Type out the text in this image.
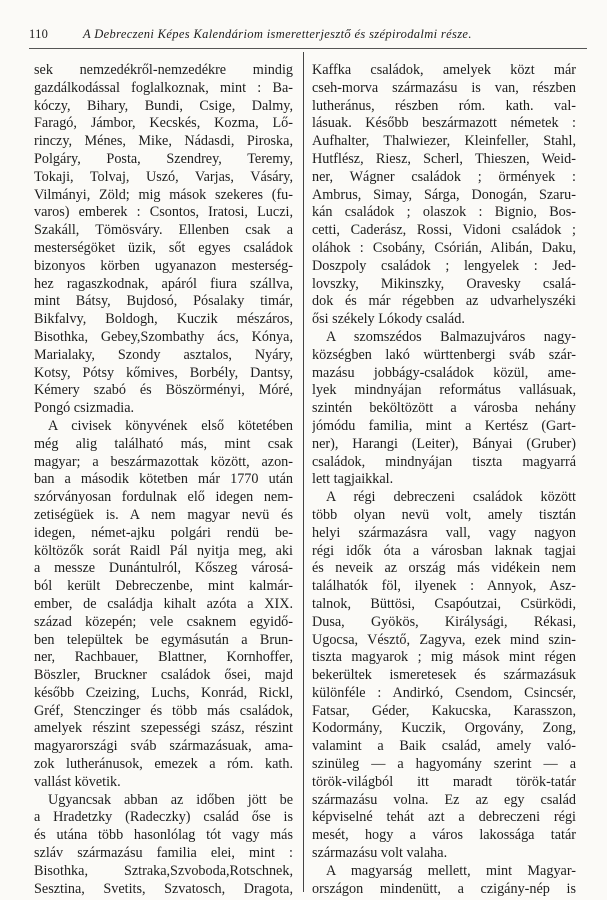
110	A Debreczeni Képes Kalendáriom ismeretterjesztő és szépirodalmi része.
sek nemzedékről-nemzedékre mindig
gazdálkodással foglalkoznak, mint : Ba-
kóczy, Bihary, Bundi, Csige, Dalmy,
Faragó, Jámbor, Kecskés, Kozma, Lő-
rinczy, Ménes, Mike, Nádasdi, Piroska,
Polgáry, Posta, Szendrey, Teremy,
Tokaji, Tolvaj, Uszó, Varjas, Vásáry,
Vilmányi, Zöld; mig mások szekeres (fu-
varos) emberek : Csontos, Iratosi, Luczi,
Szakáll, Tömösváry. Ellenben csak a
mesterségöket üzik, sőt egyes családok
bizonyos körben ugyanazon mesterség-
hez ragaszkodnak, apáról fiura szállva,
mint Bátsy, Bujdosó, Pósalaky timár,
Bikfalvy, Boldogh, Kuczik mészáros,
Bisothka, Gebey,Szombathy ács, Kónya,
Marialaky, Szondy asztalos, Nyáry,
Kotsy, Pótsy kőmives, Borbély, Dantsy,
Kémery szabó és Böszörményi, Móré,
Pongó csizmadia.
A civisek könyvének első kötetében
még alig található más, mint csak
magyar; a beszármazottak között, azon-
ban a második kötetben már 1770 után
szórványosan fordulnak elő idegen nem-
zetiségüek is. A nem magyar nevü és
idegen, német-ajku polgári rendü be-
költözők sorát Raidl Pál nyitja meg, aki
a messze Dunántulról, Kőszeg városá-
ból került Debreczenbe, mint kalmár-
ember, de családja kihalt azóta a XIX.
század közepén; vele csaknem egyidő-
ben települtek be egymásután a Brun-
ner, Rachbauer, Blattner, Kornhoffer,
Böszler, Bruckner családok ősei, majd
később Czeizing, Luchs, Konrád, Rickl,
Gréf, Stenczinger és több más családok,
amelyek részint szepességi szász, részint
magyarországi sváb származásuak, ama-
zok lutheránusok, emezek a róm. kath.
vallást követik.
Ugyancsak abban az időben jött be
a Hradetzky (Radeczky) család őse is
és utána több hasonlólag tót vagy más
szláv származásu familia elei, mint :
Bisothka, Sztraka,Szvoboda,Rotschnek,
Sesztina, Svetits, Szvatosch, Dragota,
Kaffka családok, amelyek közt már
cseh-morva származásu is van, részben
lutheránus, részben róm. kath. val-
lásuak. Később beszármazott németek :
Aufhalter, Thalwiezer, Kleinfeller, Stahl,
Hutflész, Riesz, Scherl, Thieszen, Weid-
ner, Wágner családok ; örmények :
Ambrus, Simay, Sárga, Donogán, Szaru-
kán családok ; olaszok : Bignio, Bos-
cetti, Caderász, Rossi, Vidoni családok ;
oláhok : Csobány, Csórián, Alibán, Daku,
Doszpoly családok ; lengyelek : Jed-
lovszky, Mikinszky, Oravesky csalá-
dok és már régebben az udvarhelyszéki
ősi székely Lókody család.
A szomszédos Balmazujváros nagy-
községben lakó württenbergi sváb szár-
mazásu jobbágy-családok közül, ame-
lyek mindnyájan református vallásuak,
szintén beköltözött a városba nehány
jómódu familia, mint a Kertész (Gart-
ner), Harangi (Leiter), Bányai (Gruber)
családok, mindnyájan tiszta magyarrá
lett tagjaikkal.
A régi debreczeni családok között
több olyan nevü volt, amely tisztán
helyi származásra vall, vagy nagyon
régi idők óta a városban laknak tagjai
és neveik az ország más vidékein nem
találhatók föl, ilyenek : Annyok, Asz-
talnok, Büttösi, Csapóutzai, Csürködi,
Dusa, Gyökös, Királysági, Rékasi,
Ugocsa, Vésztő, Zagyva, ezek mind szin-
tiszta magyarok ; mig mások mint régen
bekerültek ismeretesek és származásuk
különféle : Andirkó, Csendom, Csincsér,
Fatsar, Géder, Kakucska, Karasszon,
Kodormány, Kuczik, Orgovány, Zong,
valamint a Baik család, amely való-
szinüleg — a hagyomány szerint — a
török-világból itt maradt török-tatár
származásu volna. Ez az egy család
képviselné tehát azt a debreczeni régi
mesét, hogy a város lakossága tatár
származásu volt valaha.
A magyarság mellett, mint Magyar-
országon mindenütt, a czigány-nép is
